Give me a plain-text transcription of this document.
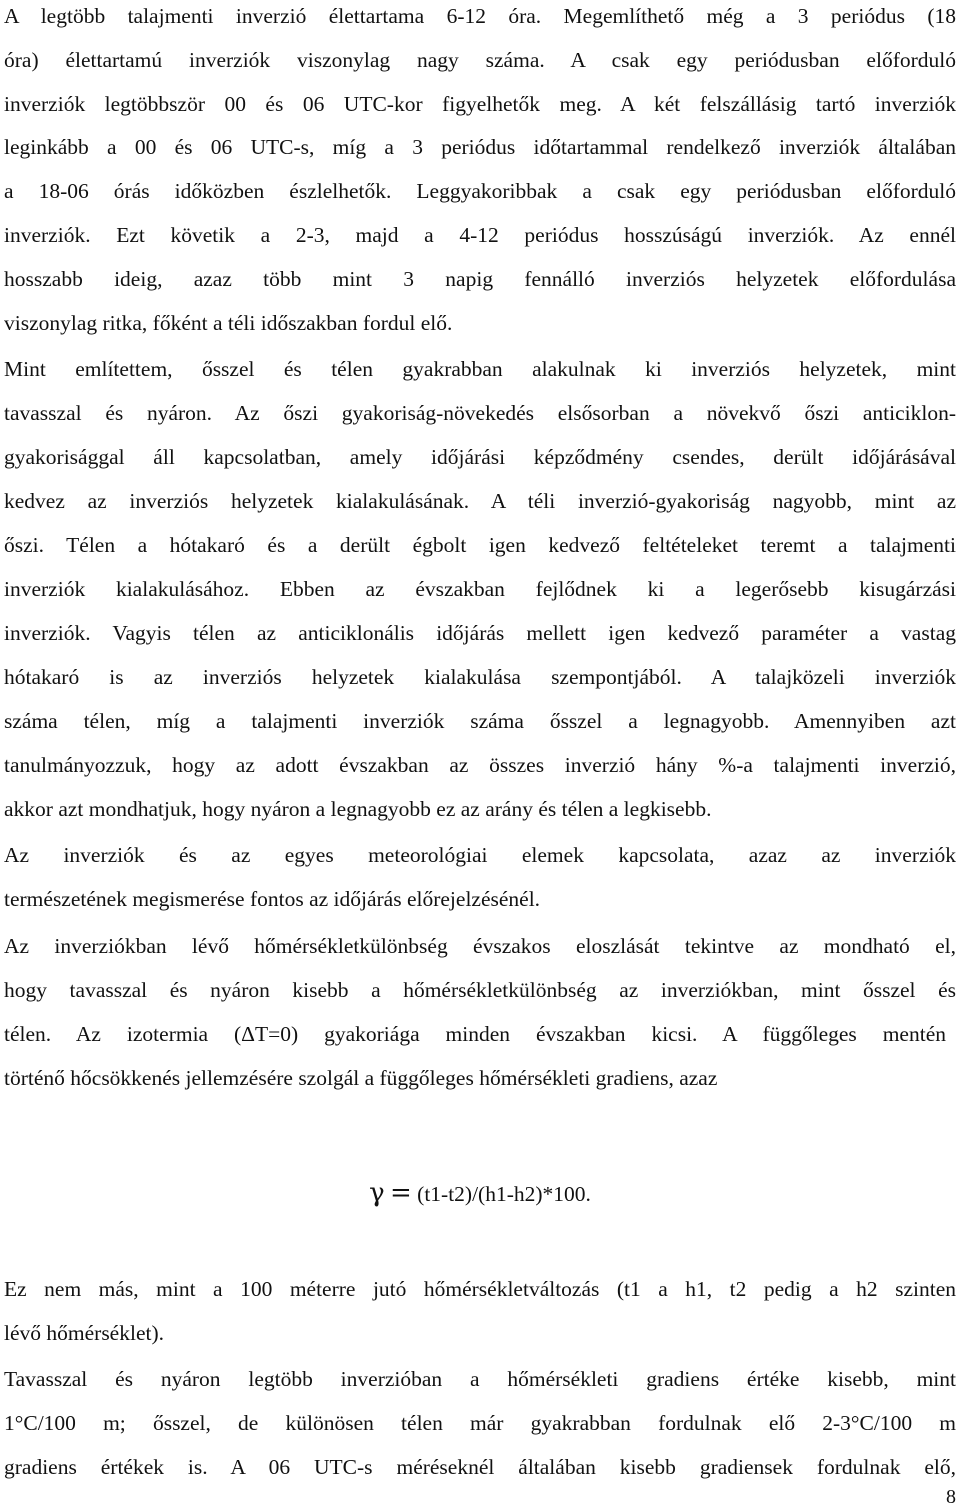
A legtöbb talajmenti inverzió élettartama 6-12 óra. Megemlíthető még a 3 periódus (18
óra) élettartamú inverziók viszonylag nagy száma. A csak egy periódusban előforduló
inverziók legtöbbször 00 és 06 UTC-kor figyelhetők meg. A két felszállásig tartó inverziók
leginkább a 00 és 06 UTC-s, míg a 3 periódus időtartammal rendelkező inverziók általában
a 18-06 órás időközben észlelhetők. Leggyakoribbak a csak egy periódusban előforduló
inverziók. Ezt követik a 2-3, majd a 4-12 periódus hosszúságú inverziók. Az ennél
hosszabb ideig, azaz több mint 3 napig fennálló inverziós helyzetek előfordulása
viszonylag ritka, főként a téli időszakban fordul elő.
Mint említettem, ősszel és télen gyakrabban alakulnak ki inverziós helyzetek, mint
tavasszal és nyáron. Az őszi gyakoriság-növekedés elsősorban a növekvő őszi anticiklon-
gyakorisággal áll kapcsolatban, amely időjárási képződmény csendes, derült időjárásával
kedvez az inverziós helyzetek kialakulásának. A téli inverzió-gyakoriság nagyobb, mint az
őszi. Télen a hótakaró és a derült égbolt igen kedvező feltételeket teremt a talajmenti
inverziók kialakulásához. Ebben az évszakban fejlődnek ki a legerősebb kisugárzási
inverziók. Vagyis télen az anticiklonális időjárás mellett igen kedvező paraméter a vastag
hótakaró is az inverziós helyzetek kialakulása szempontjából. A talajközeli inverziók
száma télen, míg a talajmenti inverziók száma ősszel a legnagyobb. Amennyiben azt
tanulmányozzuk, hogy az adott évszakban az összes inverzió hány %-a talajmenti inverzió,
akkor azt mondhatjuk, hogy nyáron a legnagyobb ez az arány és télen a legkisebb.
Az inverziók és az egyes meteorológiai elemek kapcsolata, azaz az inverziók
természetének megismerése fontos az időjárás előrejelzésénél.
Az inverziókban lévő hőmérsékletkülönbség évszakos eloszlását tekintve az mondható el,
hogy tavasszal és nyáron kisebb a hőmérsékletkülönbség az inverziókban, mint ősszel és
télen. Az izotermia (ΔT=0) gyakoriága minden évszakban kicsi. A függőleges mentén
történő hőcsökkenés jellemzésére szolgál a függőleges hőmérsékleti gradiens, azaz
γ = (t1-t2)/(h1-h2)*100.
Ez nem más, mint a 100 méterre jutó hőmérsékletváltozás (t1 a h1, t2 pedig a h2 szinten
lévő hőmérséklet).
Tavasszal és nyáron legtöbb inverzióban a hőmérsékleti gradiens értéke kisebb, mint
1°C/100 m; ősszel, de különösen télen már gyakrabban fordulnak elő 2-3°C/100 m
gradiens értékek is. A 06 UTC-s méréseknél általában kisebb gradiensek fordulnak elő,
8
